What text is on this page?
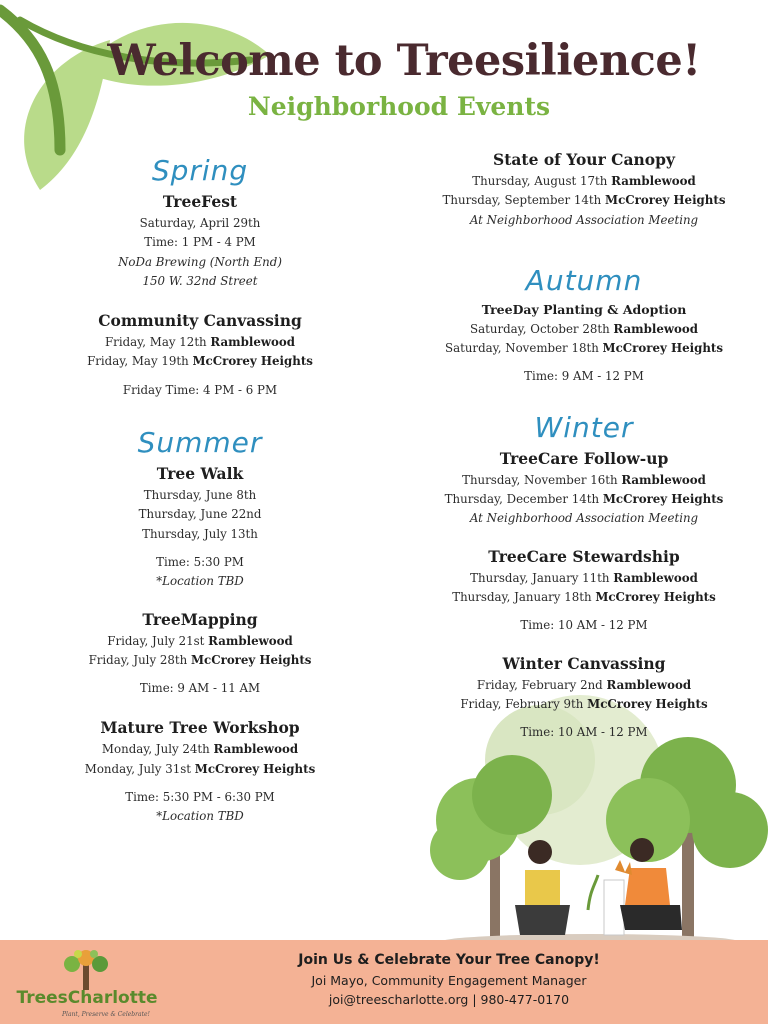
Welcome to Treesilience!
Neighborhood Events
Spring
TreeFest
Saturday, April 29th
Time: 1 PM - 4 PM
NoDa Brewing (North End)
150 W. 32nd Street
Community Canvassing
Friday, May 12th Ramblewood
Friday, May 19th McCrorey Heights
Friday Time: 4 PM - 6 PM
Summer
Tree Walk
Thursday, June 8th
Thursday, June 22nd
Thursday, July 13th
Time: 5:30 PM
*Location TBD
TreeMapping
Friday, July 21st Ramblewood
Friday, July 28th McCrorey Heights
Time: 9 AM - 11 AM
Mature Tree Workshop
Monday, July 24th Ramblewood
Monday, July 31st McCrorey Heights
Time: 5:30 PM - 6:30 PM
*Location TBD
State of Your Canopy
Thursday, August 17th Ramblewood
Thursday, September 14th McCrorey Heights
At Neighborhood Association Meeting
Autumn
TreeDay Planting & Adoption
Saturday, October 28th Ramblewood
Saturday, November 18th McCrorey Heights
Time: 9 AM - 12 PM
Winter
TreeCare Follow-up
Thursday, November 16th Ramblewood
Thursday, December 14th McCrorey Heights
At Neighborhood Association Meeting
TreeCare Stewardship
Thursday, January 11th Ramblewood
Thursday, January 18th McCrorey Heights
Time: 10 AM - 12 PM
Winter Canvassing
Friday, February 2nd Ramblewood
Friday, February 9th McCrorey Heights
Time: 10 AM - 12 PM
TreesCharlotte
Plant, Preserve & Celebrate!
Join Us & Celebrate Your Tree Canopy!
Joi Mayo, Community Engagement Manager
joi@treescharlotte.org | 980-477-0170
